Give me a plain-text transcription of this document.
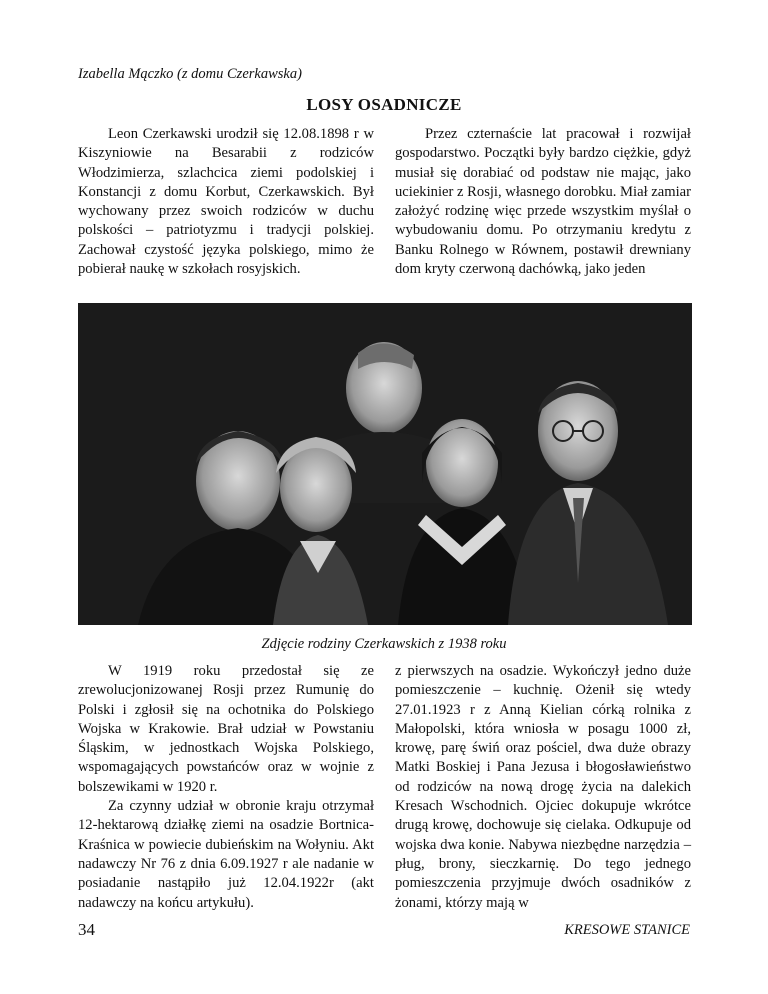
Izabella Mączko (z domu Czerkawska)
LOSY OSADNICZE

Leon Czerkawski urodził się 12.08.1898 r w Kiszyniowie na Besarabii z rodziców Włodzimierza, szlachcica ziemi podolskiej i Konstancji z domu Korbut, Czerkawskich. Był wychowany przez swoich rodziców w duchu polskości – patriotyzmu i tradycji polskiej. Zachował czystość języka polskiego, mimo że pobierał naukę w szkołach rosyjskich.

Przez czternaście lat pracował i rozwijał gospodarstwo. Początki były bardzo ciężkie, gdyż musiał się dorabiać od podstaw nie mając, jako uciekinier z Rosji, własnego dorobku. Miał zamiar założyć rodzinę więc przede wszystkim myślał o wybudowaniu domu. Po otrzymaniu kredytu z Banku Rolnego w Równem, postawił drewniany dom kryty czerwoną dachówką, jako jeden

Zdjęcie rodziny Czerkawskich z 1938 roku

W 1919 roku przedostał się ze zrewolucjonizowanej Rosji przez Rumunię do Polski i zgłosił się na ochotnika do Polskiego Wojska w Krakowie. Brał udział w Powstaniu Śląskim, w jednostkach Wojska Polskiego, wspomagających powstańców oraz w wojnie z bolszewikami w 1920 r.

Za czynny udział w obronie kraju otrzymał 12-hektarową działkę ziemi na osadzie Bortnica-Kraśnica w powiecie dubieńskim na Wołyniu. Akt nadawczy Nr 76 z dnia 6.09.1927 r ale nadanie w posiadanie nastąpiło już 12.04.1922r (akt nadawczy na końcu artykułu).

z pierwszych na osadzie. Wykończył jedno duże pomieszczenie – kuchnię. Ożenił się wtedy 27.01.1923 r z Anną Kielian córką rolnika z Małopolski, która wniosła w posagu 1000 zł, krowę, parę świń oraz pościel, dwa duże obrazy Matki Boskiej i Pana Jezusa i błogosławieństwo od rodziców na nową drogę życia na dalekich Kresach Wschodnich. Ojciec dokupuje wkrótce drugą krowę, dochowuje się cielaka. Odkupuje od wojska dwa konie. Nabywa niezbędne narzędzia – pług, brony, sieczkarnię. Do tego jednego pomieszczenia przyjmuje dwóch osadników z żonami, którzy mają w

34	KRESOWE STANICE
